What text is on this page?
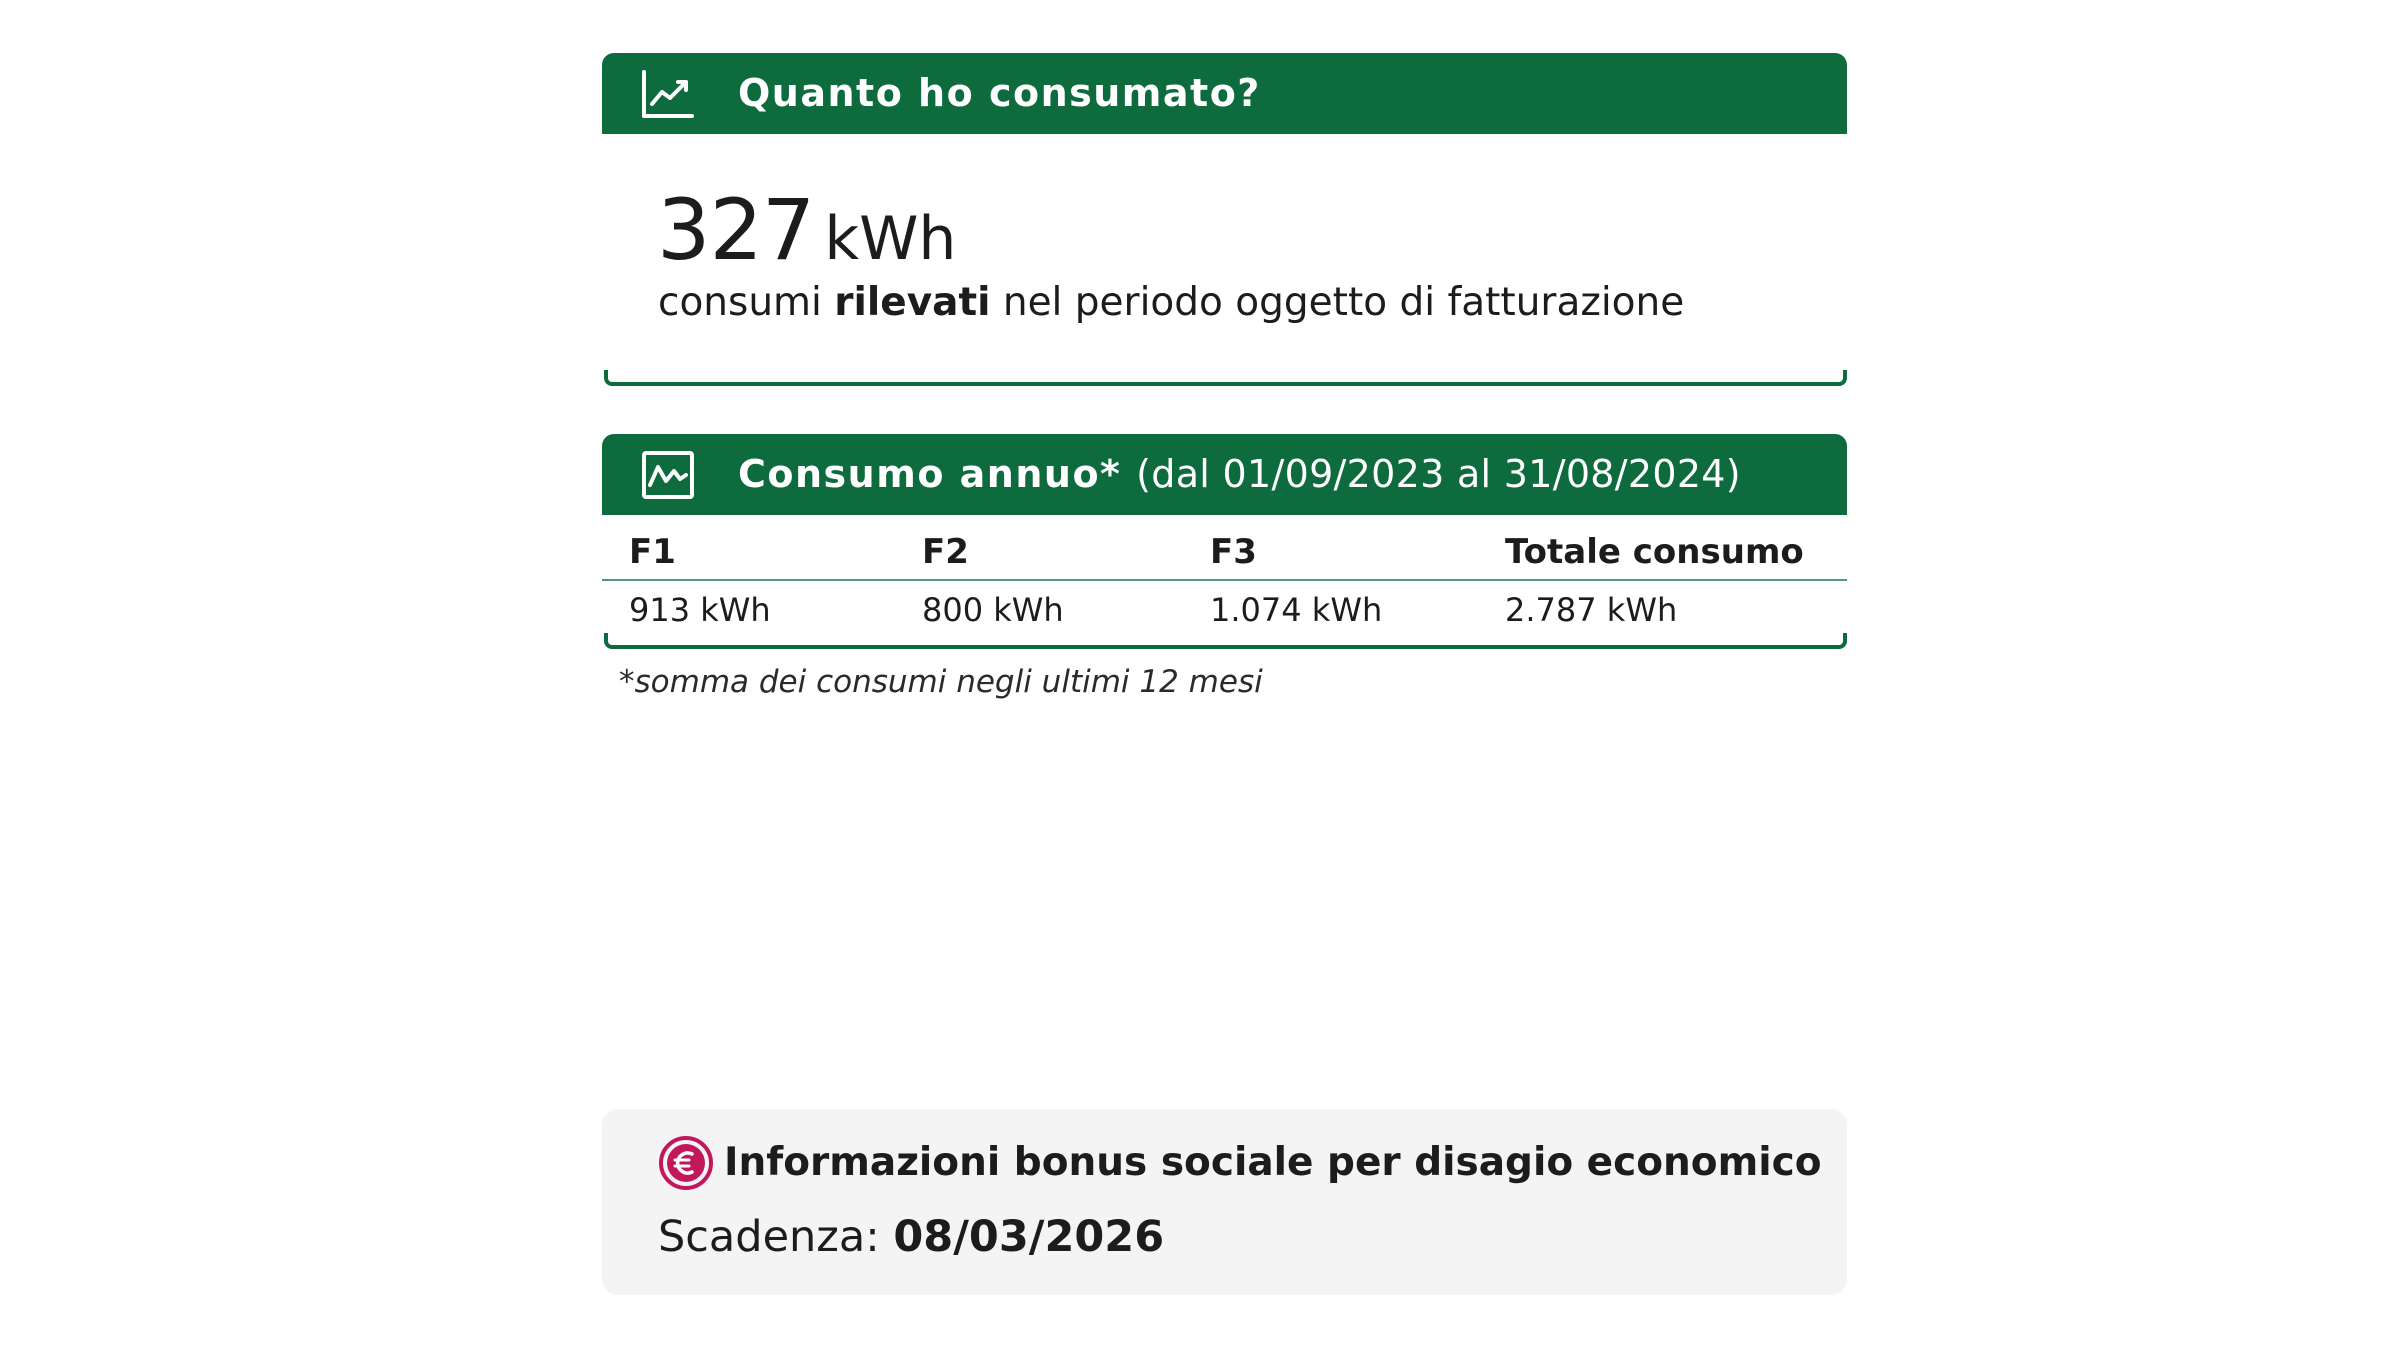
Quanto ho consumato?
327 kWh
consumi rilevati nel periodo oggetto di fatturazione
Consumo annuo* (dal 01/09/2023 al 31/08/2024)
F1	F2	F3	Totale consumo
913 kWh	800 kWh	1.074 kWh	2.787 kWh
*somma dei consumi negli ultimi 12 mesi
Informazioni bonus sociale per disagio economico
Scadenza: 08/03/2026
